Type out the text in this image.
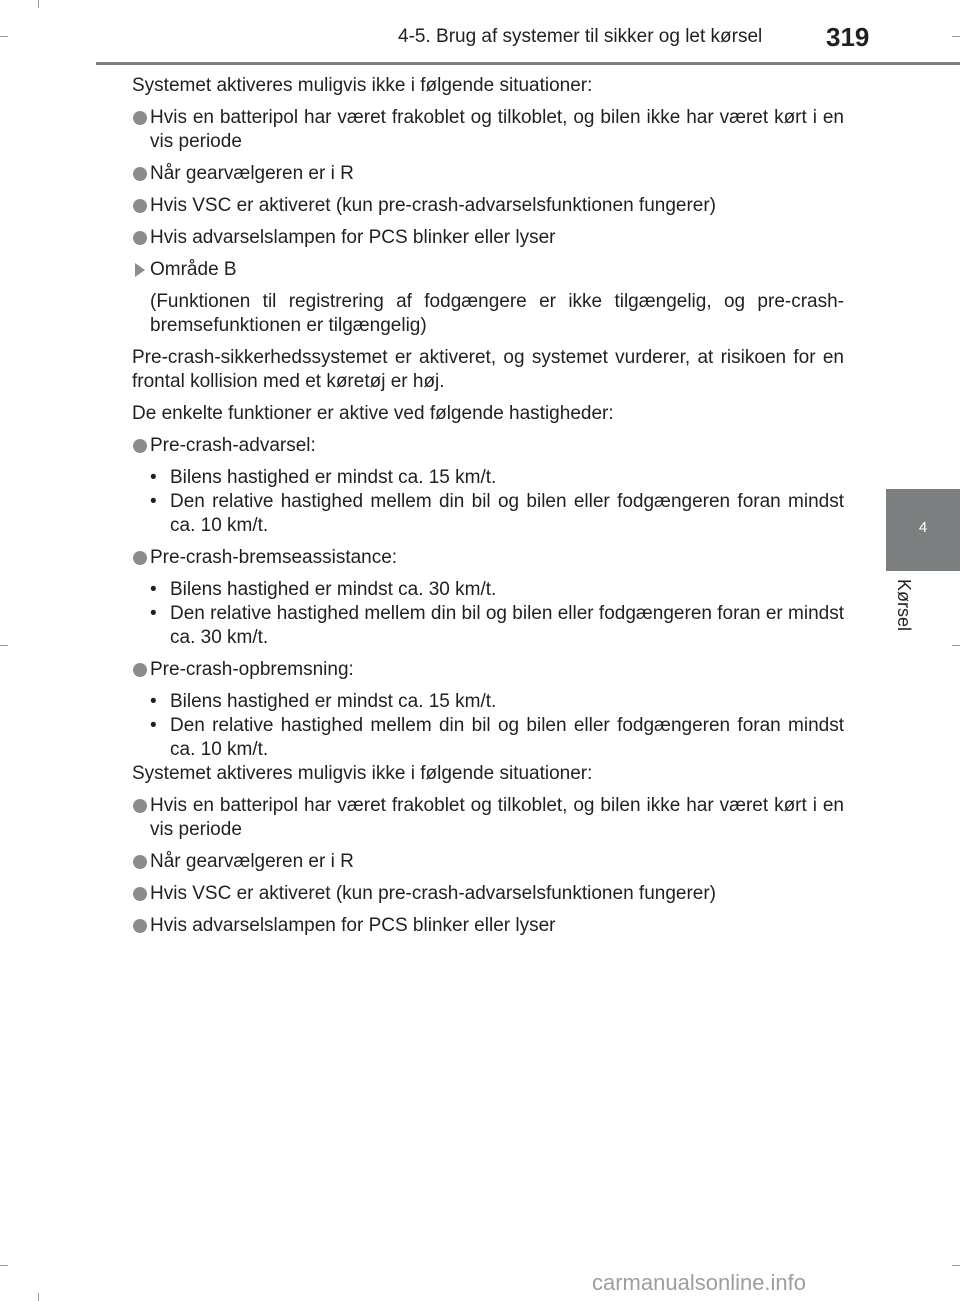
4-5. Brug af systemer til sikker og let kørsel 319
4
Kørsel
Systemet aktiveres muligvis ikke i følgende situationer:
Hvis en batteripol har været frakoblet og tilkoblet, og bilen ikke har været kørt i en vis periode
Når gearvælgeren er i R
Hvis VSC er aktiveret (kun pre-crash-advarselsfunktionen fungerer)
Hvis advarselslampen for PCS blinker eller lyser
Område B
(Funktionen til registrering af fodgængere er ikke tilgængelig, og pre-crash-bremsefunktionen er tilgængelig)
Pre-crash-sikkerhedssystemet er aktiveret, og systemet vurderer, at risikoen for en frontal kollision med et køretøj er høj.
De enkelte funktioner er aktive ved følgende hastigheder:
Pre-crash-advarsel:
• Bilens hastighed er mindst ca. 15 km/t.
• Den relative hastighed mellem din bil og bilen eller fodgængeren foran mindst ca. 10 km/t.
Pre-crash-bremseassistance:
• Bilens hastighed er mindst ca. 30 km/t.
• Den relative hastighed mellem din bil og bilen eller fodgængeren foran er mindst ca. 30 km/t.
Pre-crash-opbremsning:
• Bilens hastighed er mindst ca. 15 km/t.
• Den relative hastighed mellem din bil og bilen eller fodgængeren foran mindst ca. 10 km/t.
Systemet aktiveres muligvis ikke i følgende situationer:
Hvis en batteripol har været frakoblet og tilkoblet, og bilen ikke har været kørt i en vis periode
Når gearvælgeren er i R
Hvis VSC er aktiveret (kun pre-crash-advarselsfunktionen fungerer)
Hvis advarselslampen for PCS blinker eller lyser
carmanualsonline.info
